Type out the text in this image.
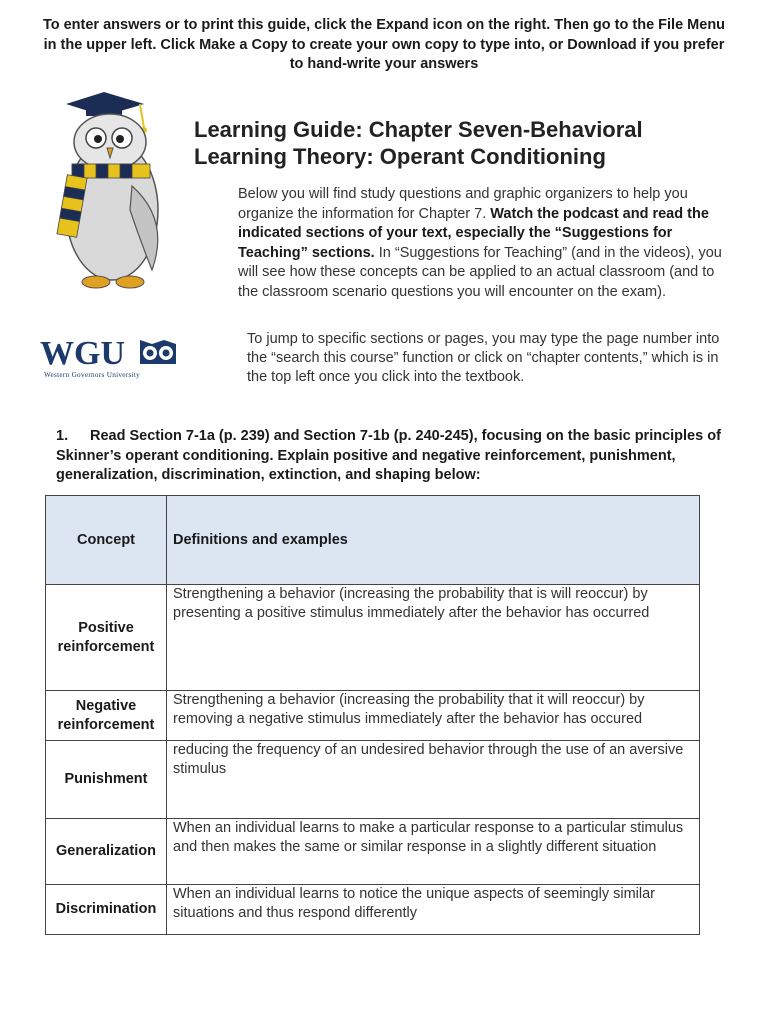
To enter answers or to print this guide, click the Expand icon on the right. Then go to the File Menu in the upper left. Click Make a Copy to create your own copy to type into, or Download if you prefer to hand-write your answers
Learning Guide: Chapter Seven-Behavioral
Learning Theory: Operant Conditioning
Below you will find study questions and graphic organizers to help you organize the information for Chapter 7. Watch the podcast and read the indicated sections of your text, especially the “Suggestions for Teaching” sections. In “Suggestions for Teaching” (and in the videos), you will see how these concepts can be applied to an actual classroom (and to the classroom scenario questions you will encounter on the exam).
WGU
Western Governors University
To jump to specific sections or pages, you may type the page number into the “search this course” function or click on “chapter contents,” which is in the top left once you click into the textbook.
1. Read Section 7-1a (p. 239) and Section 7-1b (p. 240-245), focusing on the basic principles of Skinner’s operant conditioning. Explain positive and negative reinforcement, punishment, generalization, discrimination, extinction, and shaping below:
Concept	Definitions and examples
Positive reinforcement	Strengthening a behavior (increasing the probability that is will reoccur) by presenting a positive stimulus immediately after the behavior has occurred
Negative reinforcement	Strengthening a behavior (increasing the probability that it will reoccur) by removing a negative stimulus immediately after the behavior has occured
Punishment	reducing the frequency of an undesired behavior through the use of an aversive stimulus
Generalization	When an individual learns to make a particular response to a particular stimulus and then makes the same or similar response in a slightly different situation
Discrimination	When an individual learns to notice the unique aspects of seemingly similar situations and thus respond differently
